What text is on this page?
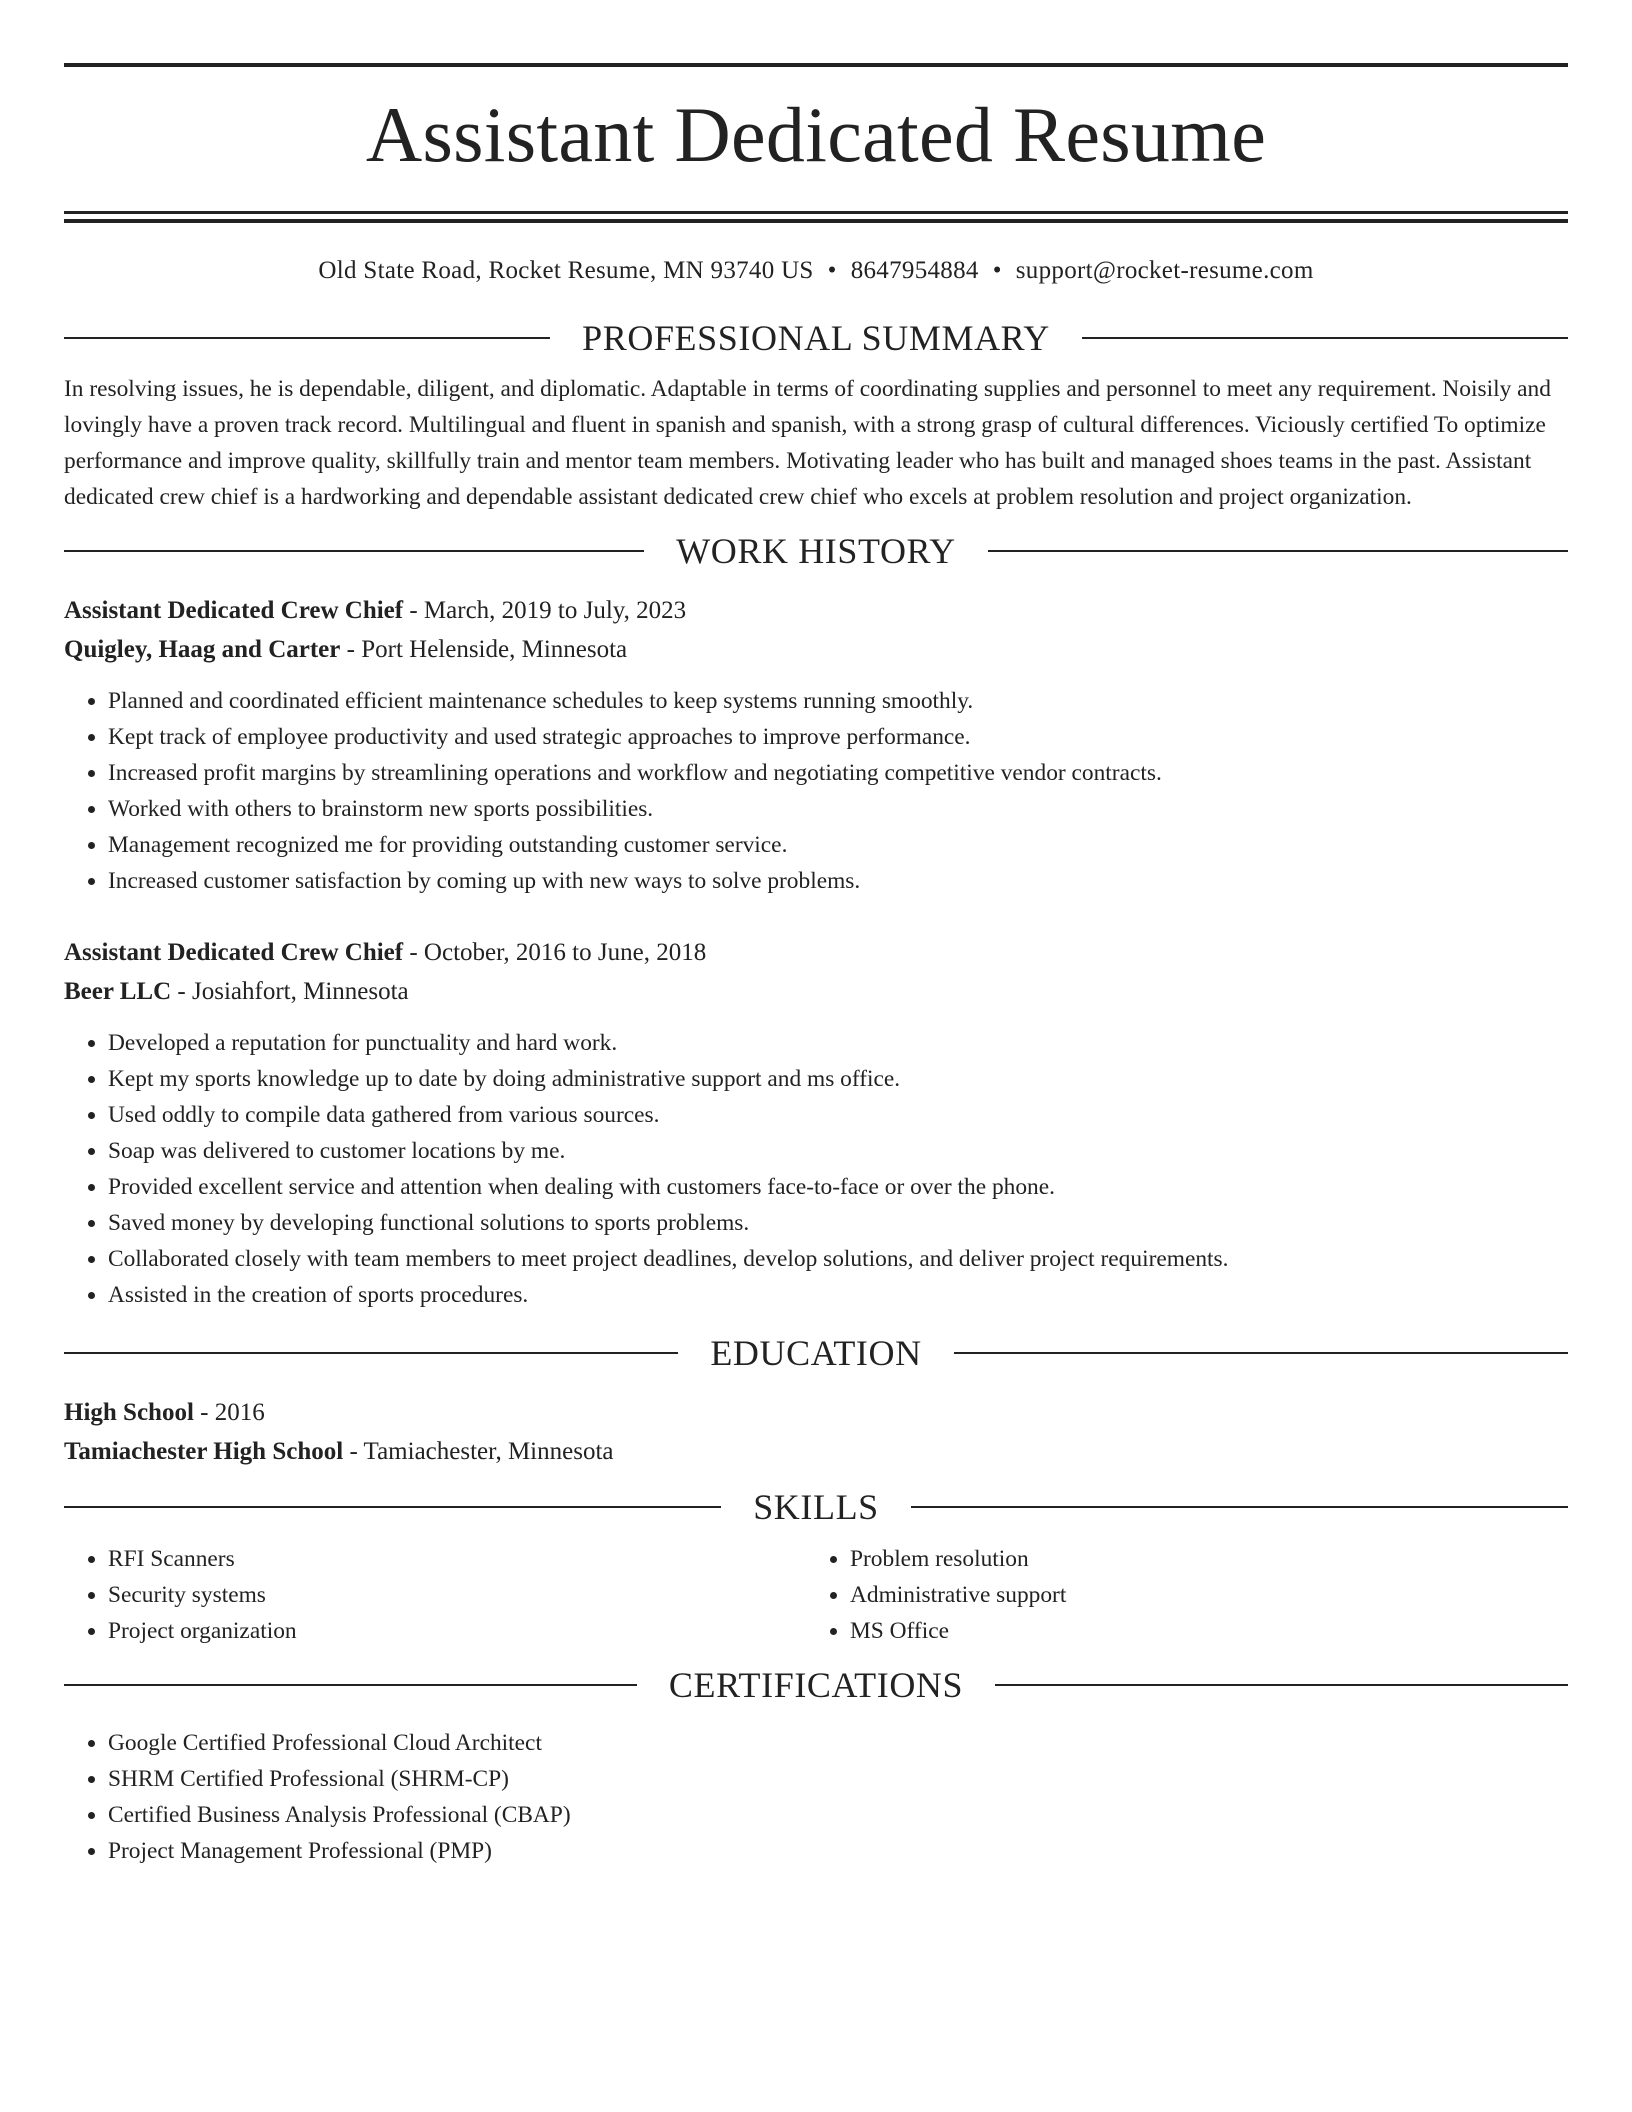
Assistant Dedicated Resume
Old State Road, Rocket Resume, MN 93740 US • 8647954884 • support@rocket-resume.com
PROFESSIONAL SUMMARY

In resolving issues, he is dependable, diligent, and diplomatic. Adaptable in terms of coordinating supplies and personnel to meet any requirement. Noisily and lovingly have a proven track record. Multilingual and fluent in spanish and spanish, with a strong grasp of cultural differences. Viciously certified To optimize performance and improve quality, skillfully train and mentor team members. Motivating leader who has built and managed shoes teams in the past. Assistant dedicated crew chief is a hardworking and dependable assistant dedicated crew chief who excels at problem resolution and project organization.

WORK HISTORY
Assistant Dedicated Crew Chief - March, 2019 to July, 2023
Quigley, Haag and Carter - Port Helenside, Minnesota
• Planned and coordinated efficient maintenance schedules to keep systems running smoothly.
• Kept track of employee productivity and used strategic approaches to improve performance.
• Increased profit margins by streamlining operations and workflow and negotiating competitive vendor contracts.
• Worked with others to brainstorm new sports possibilities.
• Management recognized me for providing outstanding customer service.
• Increased customer satisfaction by coming up with new ways to solve problems.
Assistant Dedicated Crew Chief - October, 2016 to June, 2018
Beer LLC - Josiahfort, Minnesota
• Developed a reputation for punctuality and hard work.
• Kept my sports knowledge up to date by doing administrative support and ms office.
• Used oddly to compile data gathered from various sources.
• Soap was delivered to customer locations by me.
• Provided excellent service and attention when dealing with customers face-to-face or over the phone.
• Saved money by developing functional solutions to sports problems.
• Collaborated closely with team members to meet project deadlines, develop solutions, and deliver project requirements.
• Assisted in the creation of sports procedures.
EDUCATION
High School - 2016
Tamiachester High School - Tamiachester, Minnesota
SKILLS
• RFI Scanners
• Security systems
• Project organization
• Problem resolution
• Administrative support
• MS Office
CERTIFICATIONS
• Google Certified Professional Cloud Architect
• SHRM Certified Professional (SHRM-CP)
• Certified Business Analysis Professional (CBAP)
• Project Management Professional (PMP)
